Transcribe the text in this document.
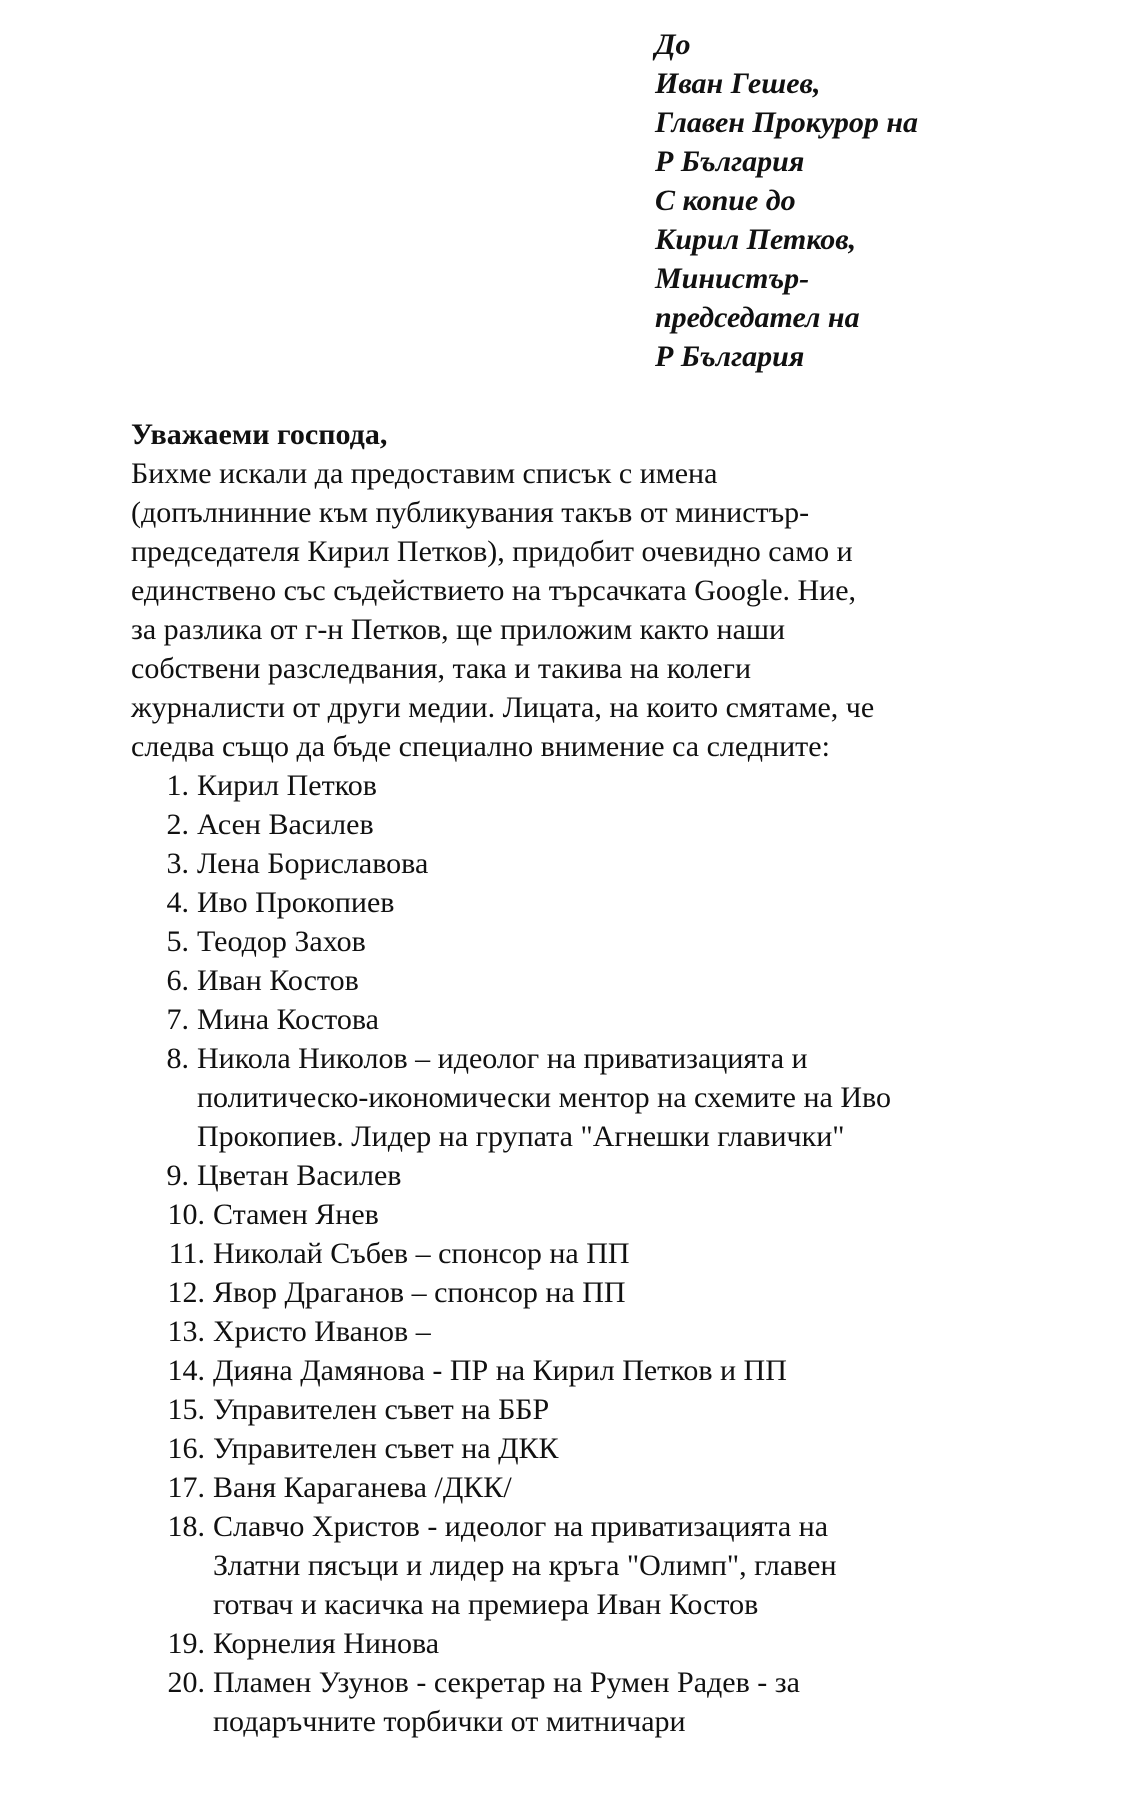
До
Иван Гешев,
Главен Прокурор на
Р България
С копие до
Кирил Петков,
Министър-
председател на
Р България
Уважаеми господа,
Бихме искали да предоставим списък с имена
(допълнинние към публикувания такъв от министър-
председателя Кирил Петков), придобит очевидно само и
единствено със съдействието на търсачката Google. Ние,
за разлика от г-н Петков, ще приложим както наши
собствени разследвания, така и такива на колеги
журналисти от други медии. Лицата, на които смятаме, че
следва също да бъде специално внимение са следните:
1. Кирил Петков
2. Асен Василев
3. Лена Бориславова
4. Иво Прокопиев
5. Теодор Захов
6. Иван Костов
7. Мина Костова
8. Никола Николов – идеолог на приватизацията и
политическо-икономически ментор на схемите на Иво
Прокопиев. Лидер на групата "Агнешки главички"
9. Цветан Василев
10. Стамен Янев
11. Николай Събев – спонсор на ПП
12. Явор Драганов – спонсор на ПП
13. Христо Иванов –
14. Дияна Дамянова - ПР на Кирил Петков и ПП
15. Управителен съвет на ББР
16. Управителен съвет на ДКК
17. Ваня Караганева /ДКК/
18. Славчо Христов - идеолог на приватизацията на
Златни пясъци и лидер на кръга "Олимп", главен
готвач и касичка на премиера Иван Костов
19. Корнелия Нинова
20. Пламен Узунов - секретар на Румен Радев - за
подаръчните торбички от митничари
